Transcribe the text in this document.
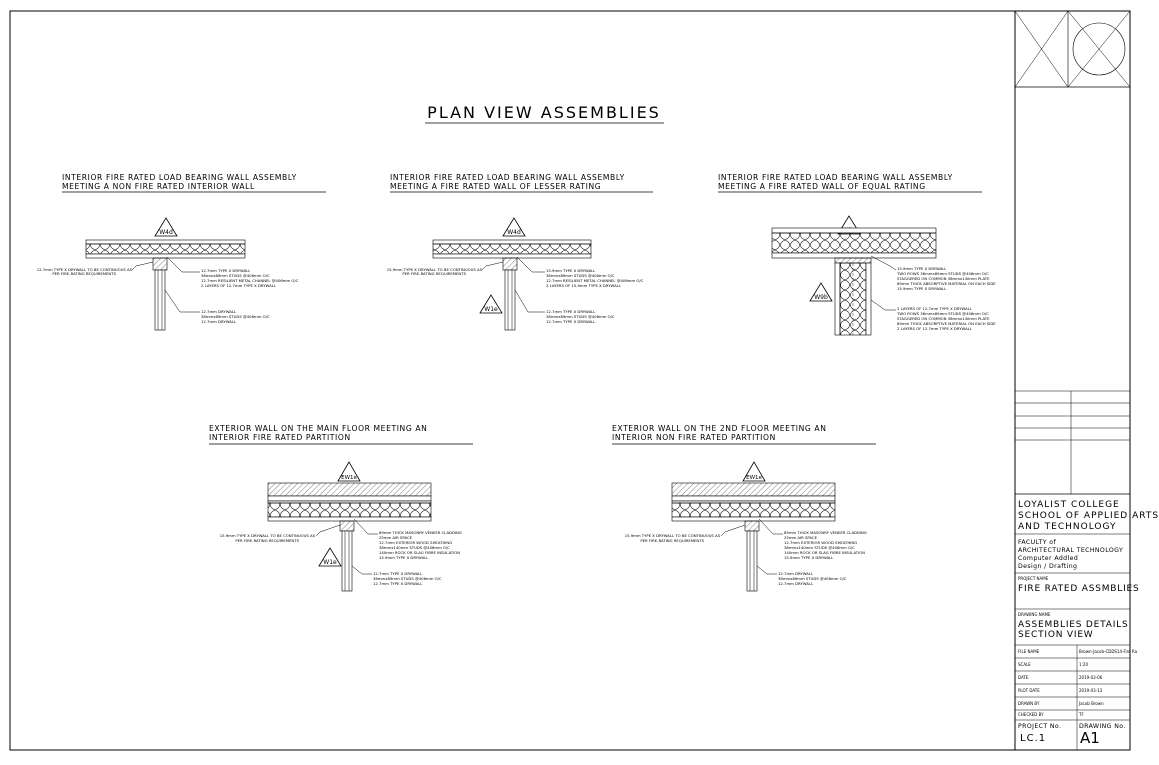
PLAN VIEW ASSEMBLIES
INTERIOR FIRE RATED LOAD BEARING WALL ASSEMBLY
MEETING A NON FIRE RATED INTERIOR WALL
W4d
12.7mm TYPE X DRYWALL TO BE CONTINUOUS AS
PER FIRE-RATING REQUIREMENTS
12.7mm TYPE X DRYWALL
38mmx89mm STUDS @406mm O/C
12.7mm RESILIENT METAL CHANNEL @406mm O/C
2 LAYERS OF 12.7mm TYPE X DRYWALL
12.7mm DRYWALL
38mmx89mm STUDS @406mm O/C
12.7mm DRYWALL
INTERIOR FIRE RATED LOAD BEARING WALL ASSEMBLY
MEETING A FIRE RATED WALL OF LESSER RATING
W4d
W1e
15.9mm TYPE X DRYWALL TO BE CONTINUOUS AS
PER FIRE-RATING REQUIREMENTS
15.9mm TYPE X DRYWALL
38mmx89mm STUDS @406mm O/C
12.7mm RESILIENT METAL CHANNEL @406mm O/C
2 LAYERS OF 15.9mm TYPE X DRYWALL
12.7mm TYPE X DRYWALL
38mmx89mm STUDS @406mm O/C
12.7mm TYPE X DRYWALL
INTERIOR FIRE RATED LOAD BEARING WALL ASSEMBLY
MEETING A FIRE RATED WALL OF EQUAL RATING
W9b
15.9mm TYPE X DRYWALL
TWO ROWS 38mmx89mm STUDS @406mm O/C
STAGGERED ON COMMON 38mmx140mm PLATE
89mm THICK ABSORPTIVE MATERIAL ON EACH SIDE
15.9mm TYPE X DRYWALL
2 LAYERS OF 12.7mm TYPE X DRYWALL
TWO ROWS 38mmx89mm STUDS @406mm O/C
STAGGERED ON COMMON 38mmx140mm PLATE
89mm THICK ABSORPTIVE MATERIAL ON EACH SIDE
2 LAYERS OF 12.7mm TYPE X DRYWALL
EXTERIOR WALL ON THE MAIN FLOOR MEETING AN
INTERIOR FIRE RATED PARTITION
EW1e
W1e
15.9mm TYPE X DRYWALL TO BE CONTINUOUS AS
PER FIRE-RATING REQUIREMENTS
89mm THICK MASONRY VENEER CLADDING
25mm AIR SPACE
12.7mm EXTERIOR WOOD SHEATHING
38mmx140mm STUDS @406mm O/C
140mm ROCK OR SLAG FIBRE INSULATION
15.9mm TYPE X DRYWALL
12.7mm TYPE X DRYWALL
38mmx89mm STUDS @406mm O/C
12.7mm TYPE X DRYWALL
EXTERIOR WALL ON THE 2ND FLOOR MEETING AN
INTERIOR NON FIRE RATED PARTITION
EW1e
15.9mm TYPE X DRYWALL TO BE CONTINUOUS AS
PER FIRE-RATING REQUIREMENTS
89mm THICK MASONRY VENEER CLADDING
25mm AIR SPACE
12.7mm EXTERIOR WOOD SHEATHING
38mmx140mm STUDS @406mm O/C
140mm ROCK OR SLAG FIBRE INSULATION
15.9mm TYPE X DRYWALL
12.7mm DRYWALL
38mmx89mm STUDS @406mm O/C
12.7mm DRYWALL
LOYALIST COLLEGE
SCHOOL OF APPLIED ARTS
AND TECHNOLOGY
FACULTY of
ARCHITECTURAL TECHNOLOGY
Computer Addled
Design / Drafting
PROJECT NAME
FIRE RATED ASSMBLIES
DRAWING NAME
ASSEMBLIES DETAILS
SECTION VIEW
FILE NAME	Brown-Jacob-CDDS14-Fire Ra
SCALE	1:20
DATE	2019-03-06
PLOT DATE	2019-03-13
DRAWN BY	Jacob Brown
CHECKED BY	TF
PROJECT No.
LC.1
DRAWING No.
A1
